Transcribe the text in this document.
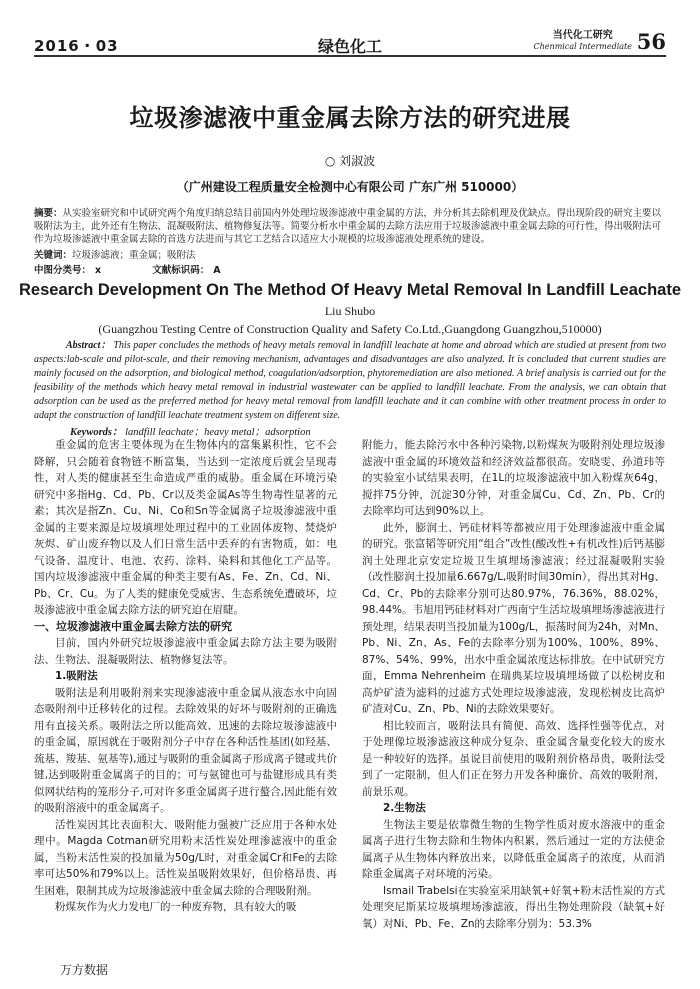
2016・03	绿色化工
当代化工研究
Chenmical Intermediate 56
垃圾渗滤液中重金属去除方法的研究进展
○ 刘淑波
（广州建设工程质量安全检测中心有限公司 广东广州 510000）
摘要：从实验室研究和中试研究两个角度归纳总结目前国内外处理垃圾渗滤液中重金属的方法，并分析其去除机理及优缺点。得出现阶段的研究主要以吸附法为主，此外还有生物法、混凝吸附法、植物修复法等。简要分析水中重金属的去除方法应用于垃圾渗滤液中重金属去除的可行性，得出吸附法可作为垃圾渗滤液中重金属去除的首选方法进而与其它工艺结合以适应大小规模的垃圾渗滤液处理系统的建设。
关键词：垃圾渗滤液；重金属；吸附法
中图分类号： x	文献标识码： A
Research Development On The Method Of Heavy Metal Removal In Landfill Leachate
Liu Shubo
(Guangzhou Testing Centre of Construction Quality and Safety Co.Ltd.,Guangdong Guangzhou,510000)
Abstract： This paper concludes the methods of heavy metals removal in landfill leachate at home and abroad which are studied at present from two aspects:lab-scale and pilot-scale, and their removing mechanism, advantages and disadvantages are also analyzed. It is concluded that current studies are mainly focused on the adsorption, and biological method, coagulation/adsorption, phytoremediation are also metioned. A brief analysis is carried out for the feasibility of the methods which heavy metal removal in industrial wastewater can be applied to landfill leachate. From the analysis, we can obtain that adsorption can be used as the preferred method for heavy metal removal from landfill leachate and it can combine with other treatment process in order to adapt the construction of landfill leachate treatment system on different size.
Keywords： landfill leachate；heavy metal；adsorption

重金属的危害主要体现为在生物体内的富集累积性，它不会降解，只会随着食物链不断富集，当达到一定浓度后就会呈现毒性，对人类的健康甚至生命造成严重的威胁。重金属在环境污染研究中多指Hg、Cd、Pb、Cr以及类金属As等生物毒性显著的元素；其次是指Zn、Cu、Ni、Co和Sn等金属离子垃圾渗滤液中重金属的主要来源是垃圾填埋处理过程中的工业固体废物、焚烧炉灰烬、矿山废弃物以及人们日常生活中丢弃的有害物质，如：电气设备、温度计、电池、农药、涂料、染料和其他化工产品等。国内垃圾渗滤液中重金属的种类主要有As、Fe、Zn、Cd、Ni、Pb、Cr、Cu。为了人类的健康免受威害、生态系统免遭破坏，垃圾渗滤液中重金属去除方法的研究迫在眉睫。

一、垃圾渗滤液中重金属去除方法的研究

目前，国内外研究垃圾渗滤液中重金属去除方法主要为吸附法、生物法、混凝吸附法、植物修复法等。

1.吸附法

吸附法是利用吸附剂来实现渗滤液中重金属从液态水中向固态吸附剂中迁移转化的过程。去除效果的好坏与吸附剂的正确选用有直接关系。吸附法之所以能高效、迅速的去除垃圾渗滤液中的重金属，原因就在于吸附剂分子中存在各种活性基团(如羟基、巯基、羧基、氨基等),通过与吸附的重金属离子形成离子键或共价键,达到吸附重金属离子的目的；可与氨键也可与盐键形成具有类似网状结构的笼形分子,可对许多重金属离子进行螯合,因此能有效的吸附溶液中的重金属离子。

活性炭因其比表面积大、吸附能力强被广泛应用于各种水处理中。Magda Cotman研究用粉末活性炭处理渗滤液中的重金属，当粉末活性炭的投加量为50g/L时，对重金属Cr和Fe的去除率可达50%和79%以上。活性炭虽吸附效果好，但价格昂贵、再生困难，限制其成为垃圾渗滤液中重金属去除的合理吸附剂。

粉煤灰作为火力发电厂的一种废弃物，具有较大的吸

附能力，能去除污水中各种污染物,以粉煤灰为吸附剂处理垃圾渗滤液中重金属的环境效益和经济效益都很高。安晓雯、孙道玮等的实验室小试结果表明，在1L的垃圾渗滤液中加入粉煤灰64g，搅拌75分钟，沉淀30分钟，对重金属Cu、Cd、Zn、Pb、Cr的去除率均可达到90%以上。

此外，膨润土、钙硅材料等都被应用于处理渗滤液中重金属的研究。张富韬等研究用“组合”改性(酸改性+有机改性)后钙基膨润土处理北京安定垃圾卫生填埋场渗滤液；经过混凝吸附实验（改性膨润土投加量6.667g/L,吸附时间30min），得出其对Hg、Cd、Cr、Pb的去除率分别可达80.97%，76.36%，88.02%，98.44%。韦旭用钙硅材料对广西南宁生活垃圾填埋场渗滤液进行预处理，结果表明当投加量为100g/L，振荡时间为24h，对Mn、Pb、Ni、Zn、As、Fe的去除率分别为100%、100%、89%、87%、54%、99%，出水中重金属浓度达标排放。在中试研究方面，Emma Nehrenheim 在瑞典某垃圾填埋场做了以松树皮和高炉矿渣为滤料的过滤方式处理垃圾渗滤液，发现松树皮比高炉矿渣对Cu、Zn、Pb、Ni的去除效果要好。

相比较而言，吸附法具有简便、高效、选择性强等优点，对于处理像垃圾渗滤液这种成分复杂、重金属含量变化较大的废水是一种较好的选择。虽说目前使用的吸附剂价格昂贵，吸附法受到了一定限制，但人们正在努力开发各种廉价、高效的吸附剂，前景乐观。

2.生物法

生物法主要是依靠微生物的生物学性质对废水溶液中的重金属离子进行生物去除和生物体内积累，然后通过一定的方法使金属离子从生物体内释放出来，以降低重金属离子的浓度，从而消除重金属离子对环境的污染。

Ismail Trabelsi在实验室采用缺氧+好氧+粉末活性炭的方式处理突尼斯某垃圾填埋场渗滤液，得出生物处理阶段（缺氧+好氧）对Ni、Pb、Fe、Zn的去除率分别为：53.3%

万方数据
